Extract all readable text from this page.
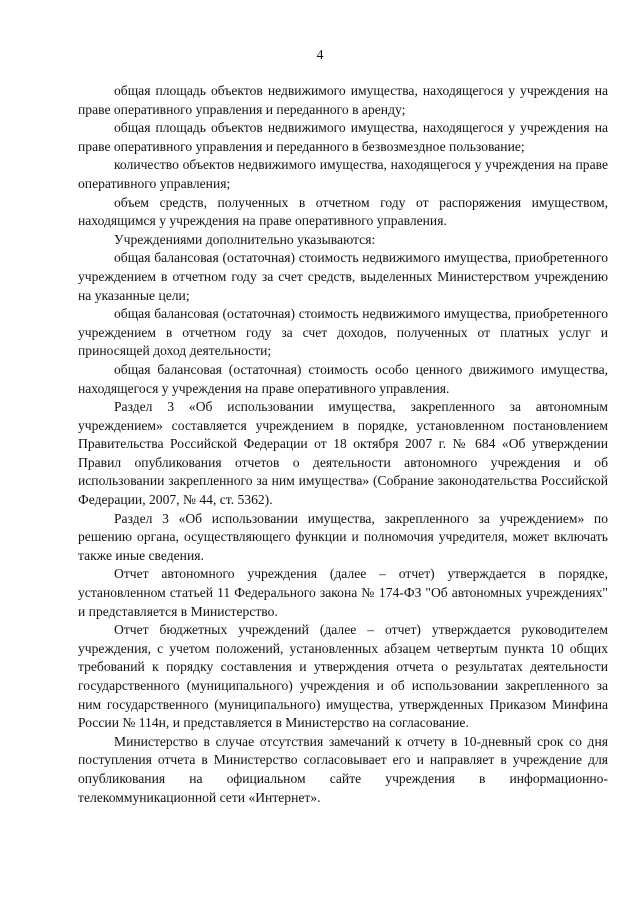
4

общая площадь объектов недвижимого имущества, находящегося у учреждения на праве оперативного управления и переданного в аренду;

общая площадь объектов недвижимого имущества, находящегося у учреждения на праве оперативного управления и переданного в безвозмездное пользование;

количество объектов недвижимого имущества, находящегося у учреждения на праве оперативного управления;

объем средств, полученных в отчетном году от распоряжения имуществом, находящимся у учреждения на праве оперативного управления.

Учреждениями дополнительно указываются:

общая балансовая (остаточная) стоимость недвижимого имущества, приобретенного учреждением в отчетном году за счет средств, выделенных Министерством учреждению на указанные цели;

общая балансовая (остаточная) стоимость недвижимого имущества, приобретенного учреждением в отчетном году за счет доходов, полученных от платных услуг и приносящей доход деятельности;

общая балансовая (остаточная) стоимость особо ценного движимого имущества, находящегося у учреждения на праве оперативного управления.

Раздел 3 «Об использовании имущества, закрепленного за автономным учреждением» составляется учреждением в порядке, установленном постановлением Правительства Российской Федерации от 18 октября 2007 г. № 684 «Об утверждении Правил опубликования отчетов о деятельности автономного учреждения и об использовании закрепленного за ним имущества» (Собрание законодательства Российской Федерации, 2007, № 44, ст. 5362).

Раздел 3 «Об использовании имущества, закрепленного за учреждением» по решению органа, осуществляющего функции и полномочия учредителя, может включать также иные сведения.

Отчет автономного учреждения (далее – отчет) утверждается в порядке, установленном статьей 11 Федерального закона № 174-ФЗ "Об автономных учреждениях" и представляется в Министерство.

Отчет бюджетных учреждений (далее – отчет) утверждается руководителем учреждения, с учетом положений, установленных абзацем четвертым пункта 10 общих требований к порядку составления и утверждения отчета о результатах деятельности государственного (муниципального) учреждения и об использовании закрепленного за ним государственного (муниципального) имущества, утвержденных Приказом Минфина России № 114н, и представляется в Министерство на согласование.

Министерство в случае отсутствия замечаний к отчету в 10-дневный срок со дня поступления отчета в Министерство согласовывает его и направляет в учреждение для опубликования на официальном сайте учреждения в информационно-телекоммуникационной сети «Интернет».
